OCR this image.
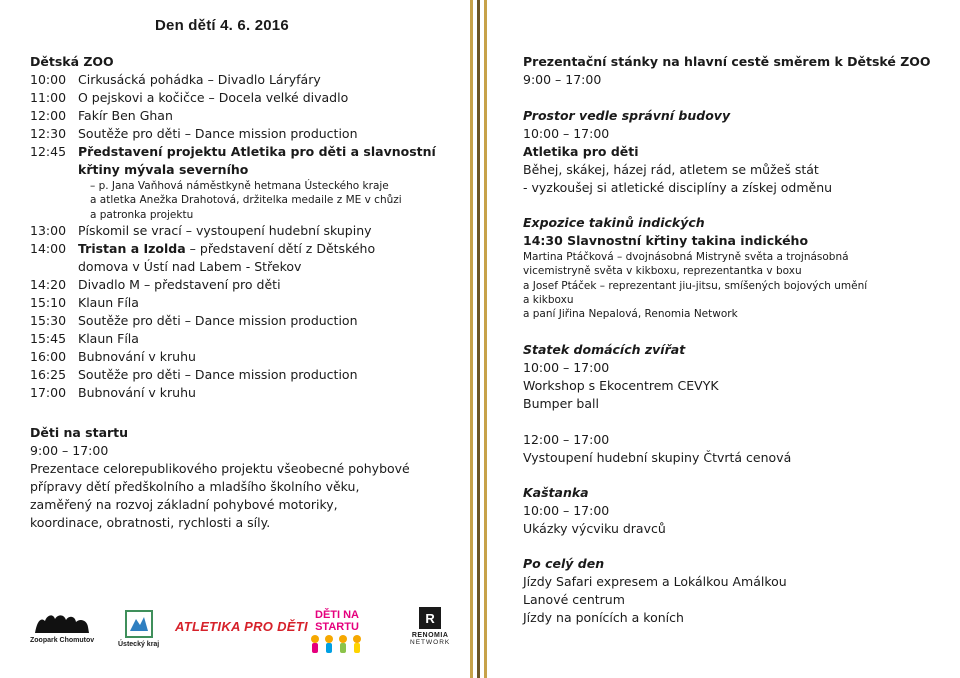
Den dětí 4. 6. 2016
Dětská ZOO
10:00 Cirkusácká pohádka – Divadlo Láryfáry
11:00 O pejskovi a kočičce – Docela velké divadlo
12:00 Fakír Ben Ghan
12:30 Soutěže pro děti – Dance mission production
12:45 Představení projektu Atletika pro děti a slavnostní
křtiny mývala severního
– p. Jana Vaňhová náměstkyně hetmana Ústeckého kraje
a atletka Anežka Drahotová, držitelka medaile z ME v chůzi
a patronka projektu
13:00 Pískomil se vrací – vystoupení hudební skupiny
14:00 Tristan a Izolda – představení dětí z Dětského
domova v Ústí nad Labem - Střekov
14:20 Divadlo M – představení pro děti
15:10 Klaun Fíla
15:30 Soutěže pro děti – Dance mission production
15:45 Klaun Fíla
16:00 Bubnování v kruhu
16:25 Soutěže pro děti – Dance mission production
17:00 Bubnování v kruhu
Děti na startu
9:00 – 17:00
Prezentace celorepublikového projektu všeobecné pohybové
přípravy dětí předškolního a mladšího školního věku,
zaměřený na rozvoj základní pohybové motoriky,
koordinace, obratnosti, rychlosti a síly.
Zoopark Chomutov
Ústecký kraj
ATLETIKA PRO DĚTI
DĚTI NA
STARTU
R
RENOMIA
NETWORK
Prezentační stánky na hlavní cestě směrem k Dětské ZOO
9:00 – 17:00
Prostor vedle správní budovy
10:00 – 17:00
Atletika pro děti
Běhej, skákej, házej rád, atletem se můžeš stát
- vyzkoušej si atletické disciplíny a získej odměnu
Expozice takinů indických
14:30 Slavnostní křtiny takina indického
Martina Ptáčková – dvojnásobná Mistryně světa a trojnásobná
vicemistryně světa v kikboxu, reprezentantka v boxu
a Josef Ptáček – reprezentant jiu-jitsu, smíšených bojových umění
a kikboxu
a paní Jiřina Nepalová, Renomia Network
Statek domácích zvířat
10:00 – 17:00
Workshop s Ekocentrem CEVYK
Bumper ball
12:00 – 17:00
Vystoupení hudební skupiny Čtvrtá cenová
Kaštanka
10:00 – 17:00
Ukázky výcviku dravců
Po celý den
Jízdy Safari expresem a Lokálkou Amálkou
Lanové centrum
Jízdy na ponících a koních
